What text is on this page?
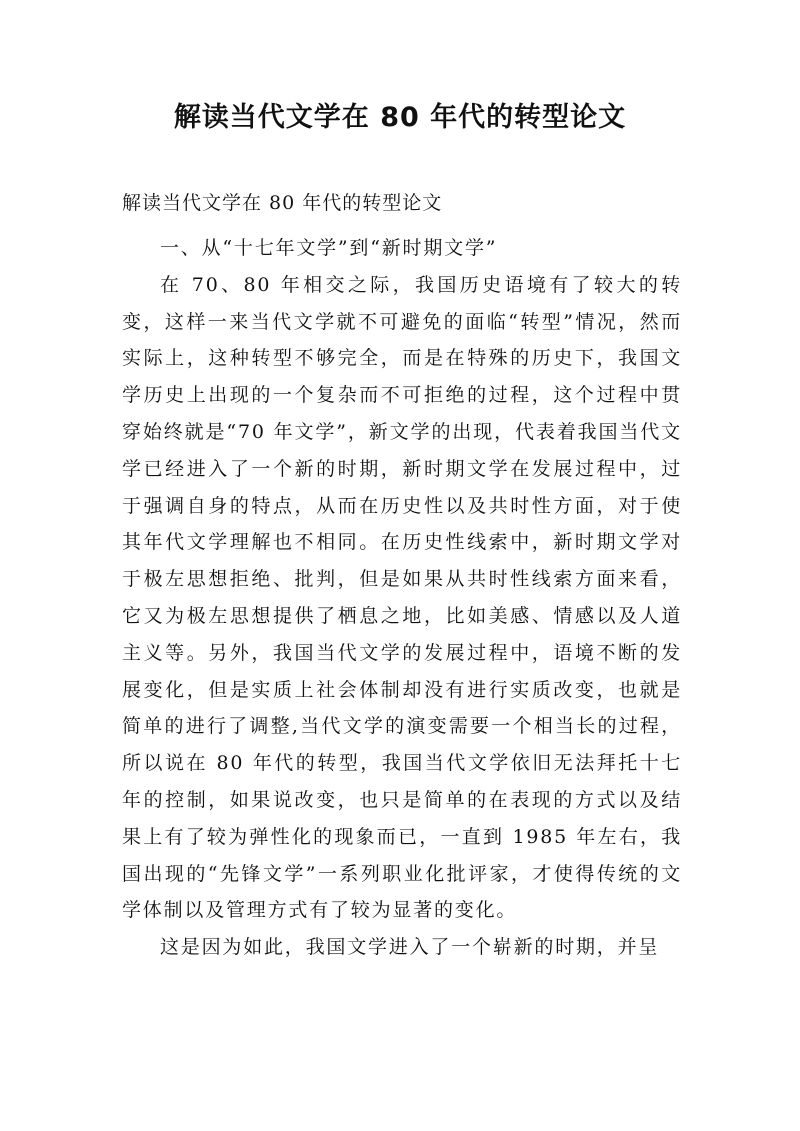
解读当代文学在 80 年代的转型论文

解读当代文学在 80 年代的转型论文

一、从“十七年文学”到“新时期文学”

在 70、80 年相交之际，我国历史语境有了较大的转变，这样一来当代文学就不可避免的面临“转型”情况，然而实际上，这种转型不够完全，而是在特殊的历史下，我国文学历史上出现的一个复杂而不可拒绝的过程，这个过程中贯穿始终就是“70 年文学”，新文学的出现，代表着我国当代文学已经进入了一个新的时期，新时期文学在发展过程中，过于强调自身的特点，从而在历史性以及共时性方面，对于使其年代文学理解也不相同。在历史性线索中，新时期文学对于极左思想拒绝、批判，但是如果从共时性线索方面来看，它又为极左思想提供了栖息之地，比如美感、情感以及人道主义等。另外，我国当代文学的发展过程中，语境不断的发展变化，但是实质上社会体制却没有进行实质改变，也就是简单的进行了调整,当代文学的演变需要一个相当长的过程，所以说在 80 年代的转型，我国当代文学依旧无法拜托十七年的控制，如果说改变，也只是简单的在表现的方式以及结果上有了较为弹性化的现象而已，一直到 1985 年左右，我国出现的“先锋文学”一系列职业化批评家，才使得传统的文学体制以及管理方式有了较为显著的变化。

这是因为如此，我国文学进入了一个崭新的时期，并呈
